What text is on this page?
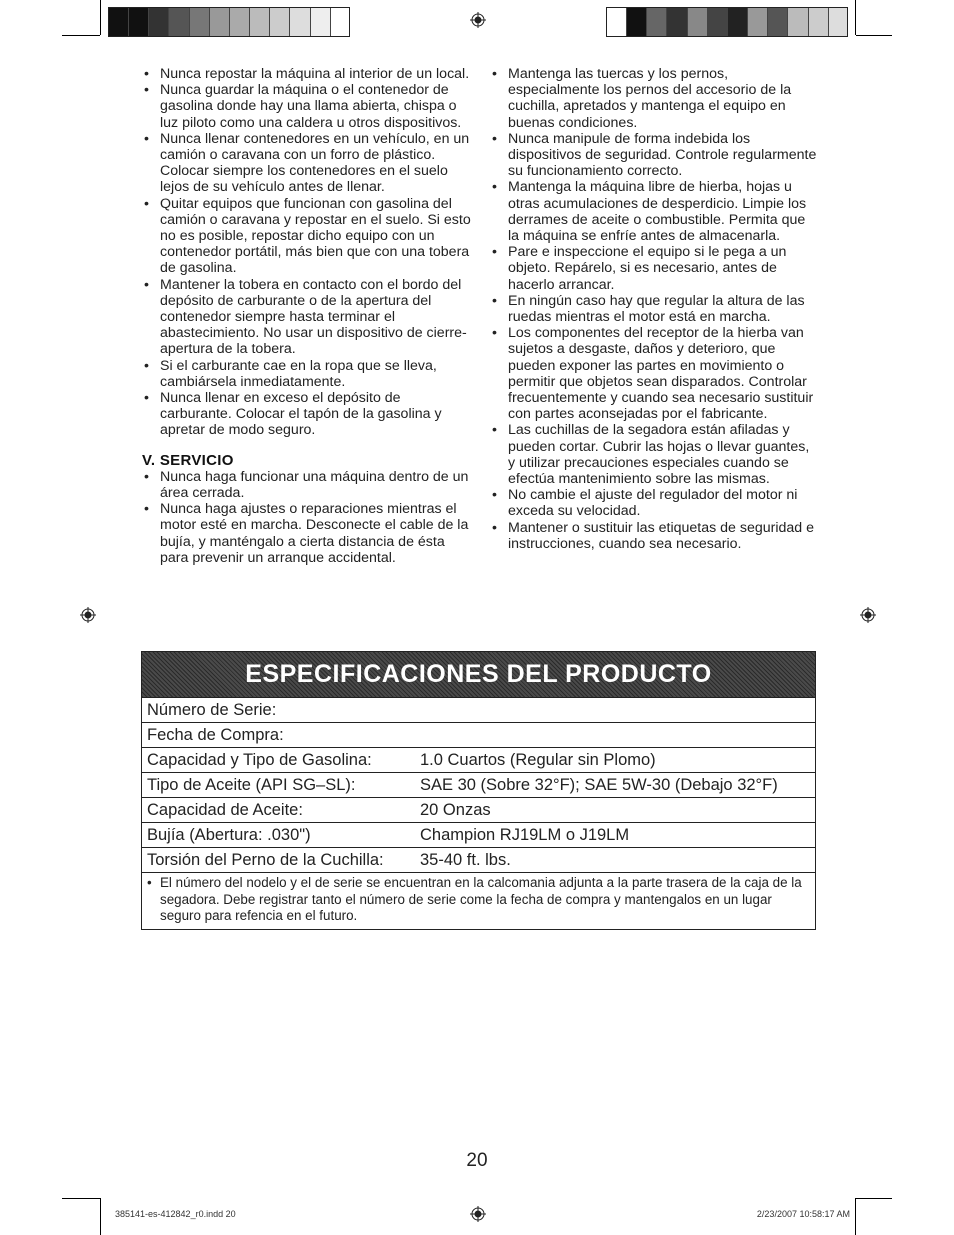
• Nunca repostar la máquina al interior de un local.
• Nunca guardar la máquina o el contenedor de gasolina donde hay una llama abierta, chispa o luz piloto como una caldera u otros dispositivos.
• Nunca llenar contenedores en un vehículo, en un camión o caravana con un forro de plástico. Colocar siempre los contenedores en el suelo lejos de su vehículo antes de llenar.
• Quitar equipos que funcionan con gasolina del camión o caravana y repostar en el suelo. Si esto no es posible, repostar dicho equipo con un contenedor portátil, más bien que con una tobera de gasolina.
• Mantener la tobera en contacto con el bordo del depósito de carburante o de la apertura del contenedor siempre hasta terminar el abastecimiento. No usar un dispositivo de cierre-apertura de la tobera.
• Si el carburante cae en la ropa que se lleva, cambiársela inmediatamente.
• Nunca llenar en exceso el depósito de carburante. Colocar el tapón de la gasolina y apretar de modo seguro.
V. SERVICIO
• Nunca haga funcionar una máquina dentro de un área cerrada.
• Nunca haga ajustes o reparaciones mientras el motor esté en marcha. Desconecte el cable de la bujía, y manténgalo a cierta distancia de ésta para prevenir un arranque accidental.
• Mantenga las tuercas y los pernos, especialmente los pernos del accesorio de la cuchilla, apretados y mantenga el equipo en buenas condiciones.
• Nunca manipule de forma indebida los dispositivos de seguridad. Controle regularmente su funcionamiento correcto.
• Mantenga la máquina libre de hierba, hojas u otras acumulaciones de desperdicio. Limpie los derrames de aceite o combustible. Permita que la máquina se enfríe antes de almacenarla.
• Pare e inspeccione el equipo si le pega a un objeto. Repárelo, si es necesario, antes de hacerlo arrancar.
• En ningún caso hay que regular la altura de las ruedas mientras el motor está en marcha.
• Los componentes del receptor de la hierba van sujetos a desgaste, daños y deterioro, que pueden exponer las partes en movimiento o permitir que objetos sean disparados. Controlar frecuentemente y cuando sea necesario sustituir con partes aconsejadas por el fabricante.
• Las cuchillas de la segadora están afiladas y pueden cortar. Cubrir las hojas o llevar guantes, y utilizar precauciones especiales cuando se efectúa mantenimiento sobre las mismas.
• No cambie el ajuste del regulador del motor ni exceda su velocidad.
• Mantener o sustituir las etiquetas de seguridad e instrucciones, cuando sea necesario.
ESPECIFICACIONES DEL PRODUCTO
Número de Serie:
Fecha de Compra:
Capacidad y Tipo de Gasolina:	1.0 Cuartos (Regular sin Plomo)
Tipo de Aceite (API SG–SL):	SAE 30 (Sobre 32°F); SAE 5W-30 (Debajo 32°F)
Capacidad de Aceite:	20 Onzas
Bujía (Abertura: .030")	Champion RJ19LM o J19LM
Torsión del Perno de la Cuchilla:	35-40 ft. lbs.
• El número del nodelo y el de serie se encuentran en la calcomania adjunta a la parte trasera de la caja de la segadora. Debe registrar tanto el número de serie come la fecha de compra y mantengalos en un lugar seguro para refencia en el futuro.
20
385141-es-412842_r0.indd 20	2/23/2007 10:58:17 AM
